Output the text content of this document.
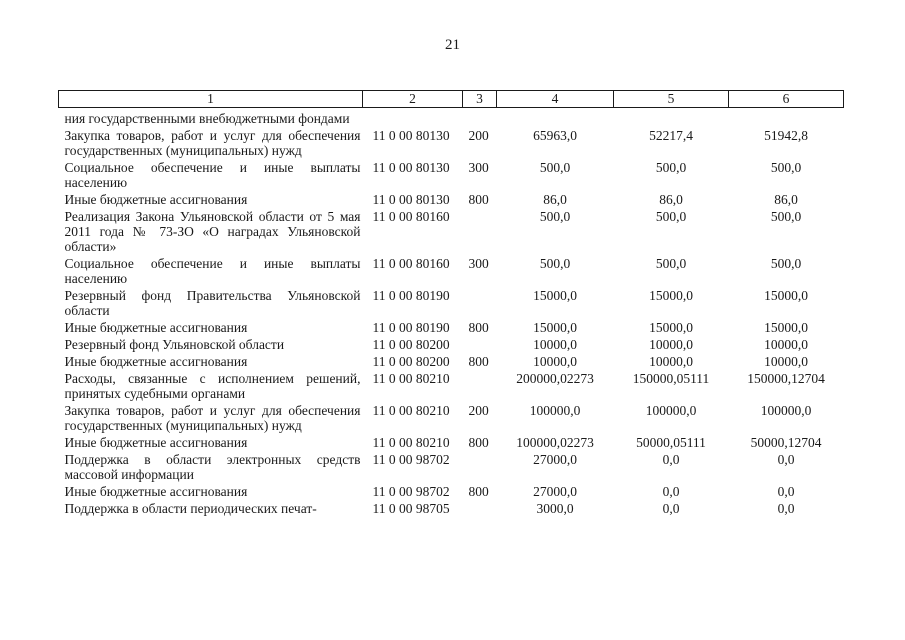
21
1	2	3	4	5	6
ния государственными внебюджетными фондами					
Закупка товаров, работ и услуг для обеспечения государственных (муниципальных) нужд	11 0 00 80130	200	65963,0	52217,4	51942,8
Социальное обеспечение и иные выплаты населению	11 0 00 80130	300	500,0	500,0	500,0
Иные бюджетные ассигнования	11 0 00 80130	800	86,0	86,0	86,0
Реализация Закона Ульяновской области от 5 мая 2011 года № 73-ЗО «О наградах Ульяновской области»	11 0 00 80160		500,0	500,0	500,0
Социальное обеспечение и иные выплаты населению	11 0 00 80160	300	500,0	500,0	500,0
Резервный фонд Правительства Ульяновской области	11 0 00 80190		15000,0	15000,0	15000,0
Иные бюджетные ассигнования	11 0 00 80190	800	15000,0	15000,0	15000,0
Резервный фонд Ульяновской области	11 0 00 80200		10000,0	10000,0	10000,0
Иные бюджетные ассигнования	11 0 00 80200	800	10000,0	10000,0	10000,0
Расходы, связанные с исполнением решений, принятых судебными органами	11 0 00 80210		200000,02273	150000,05111	150000,12704
Закупка товаров, работ и услуг для обеспечения государственных (муниципальных) нужд	11 0 00 80210	200	100000,0	100000,0	100000,0
Иные бюджетные ассигнования	11 0 00 80210	800	100000,02273	50000,05111	50000,12704
Поддержка в области электронных средств массовой информации	11 0 00 98702		27000,0	0,0	0,0
Иные бюджетные ассигнования	11 0 00 98702	800	27000,0	0,0	0,0
Поддержка в области периодических печат-	11 0 00 98705		3000,0	0,0	0,0
